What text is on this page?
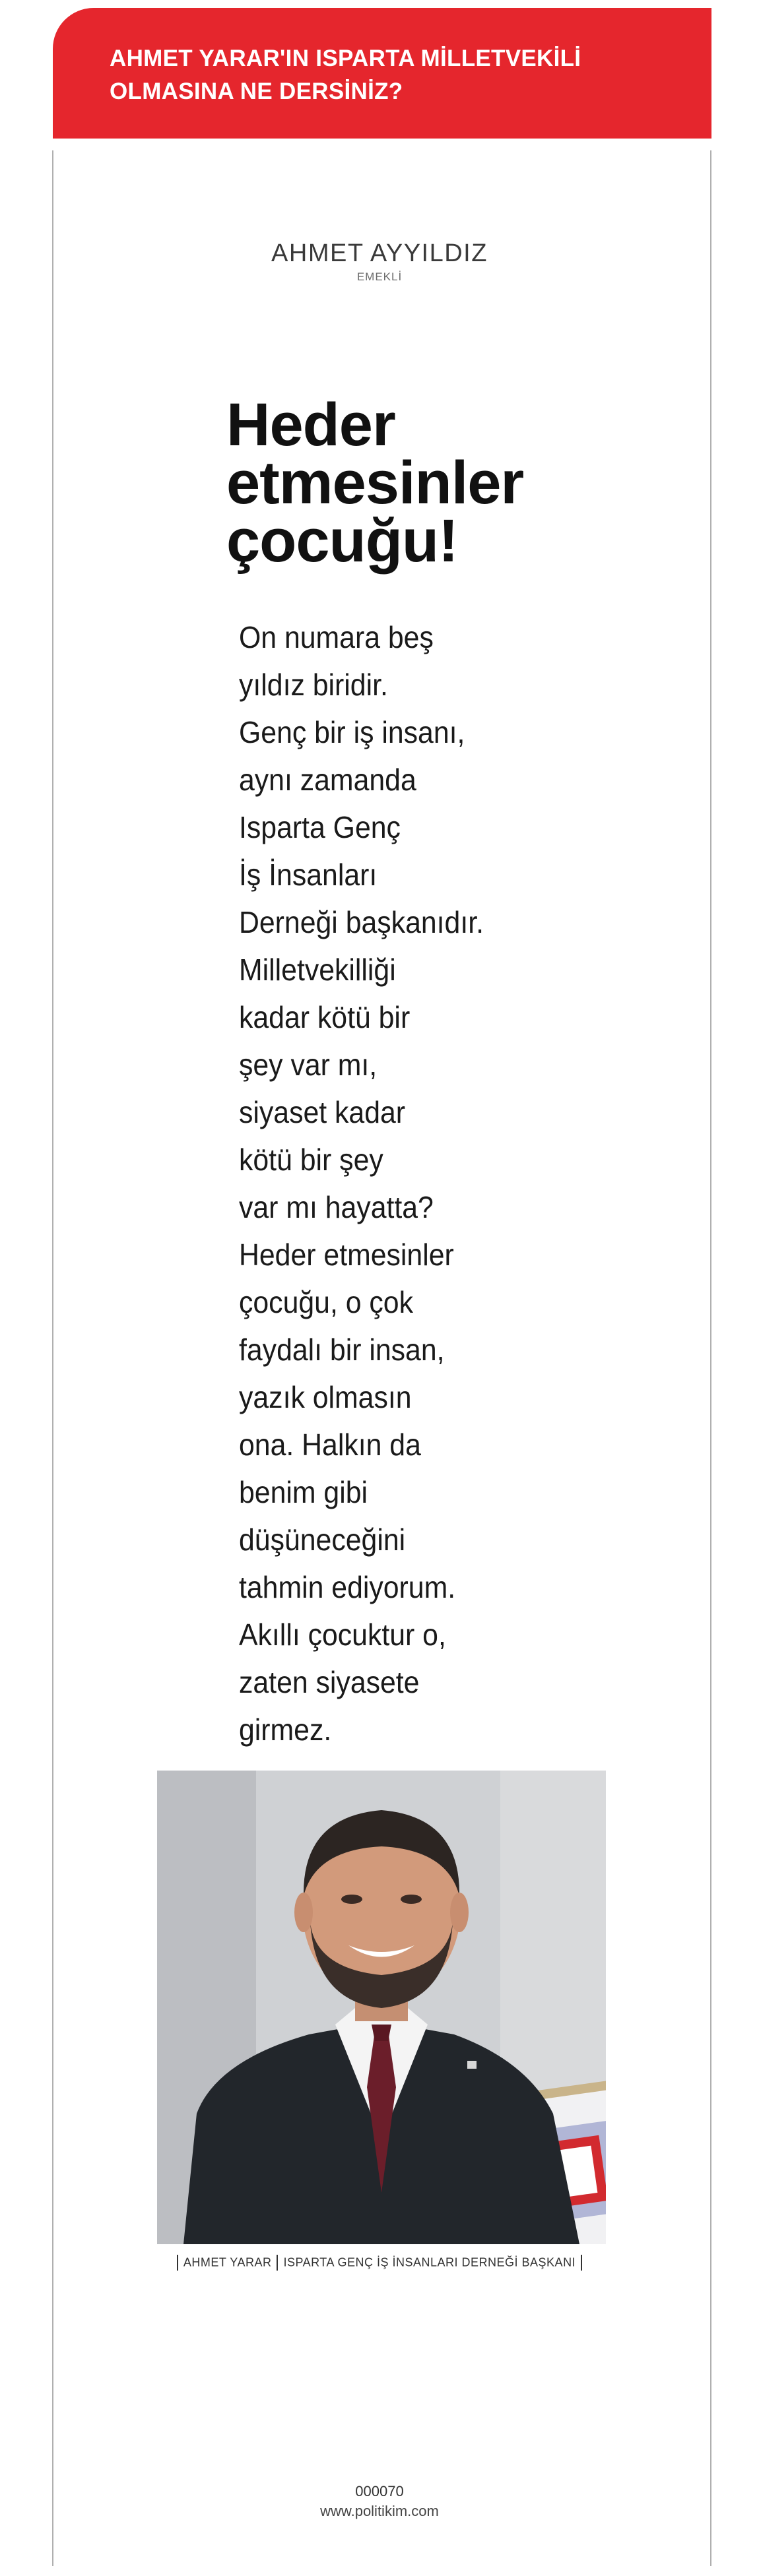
AHMET YARAR'IN ISPARTA MİLLETVEKİLİ
OLMASINA NE DERSİNİZ?
AHMET AYYILDIZ
EMEKLİ
Heder
etmesinler
çocuğu!
On numara beş
yıldız biridir.
Genç bir iş insanı,
aynı zamanda
Isparta Genç
İş İnsanları
Derneği başkanıdır.
Milletvekilliği
kadar kötü bir
şey var mı,
siyaset kadar
kötü bir şey
var mı hayatta?
Heder etmesinler
çocuğu, o çok
faydalı bir insan,
yazık olmasın
ona. Halkın da
benim gibi
düşüneceğini
tahmin ediyorum.
Akıllı çocuktur o,
zaten siyasete
girmez.
AHMET YARAR ISPARTA GENÇ İŞ İNSANLARI DERNEĞİ BAŞKANI
000070
www.politikim.com
